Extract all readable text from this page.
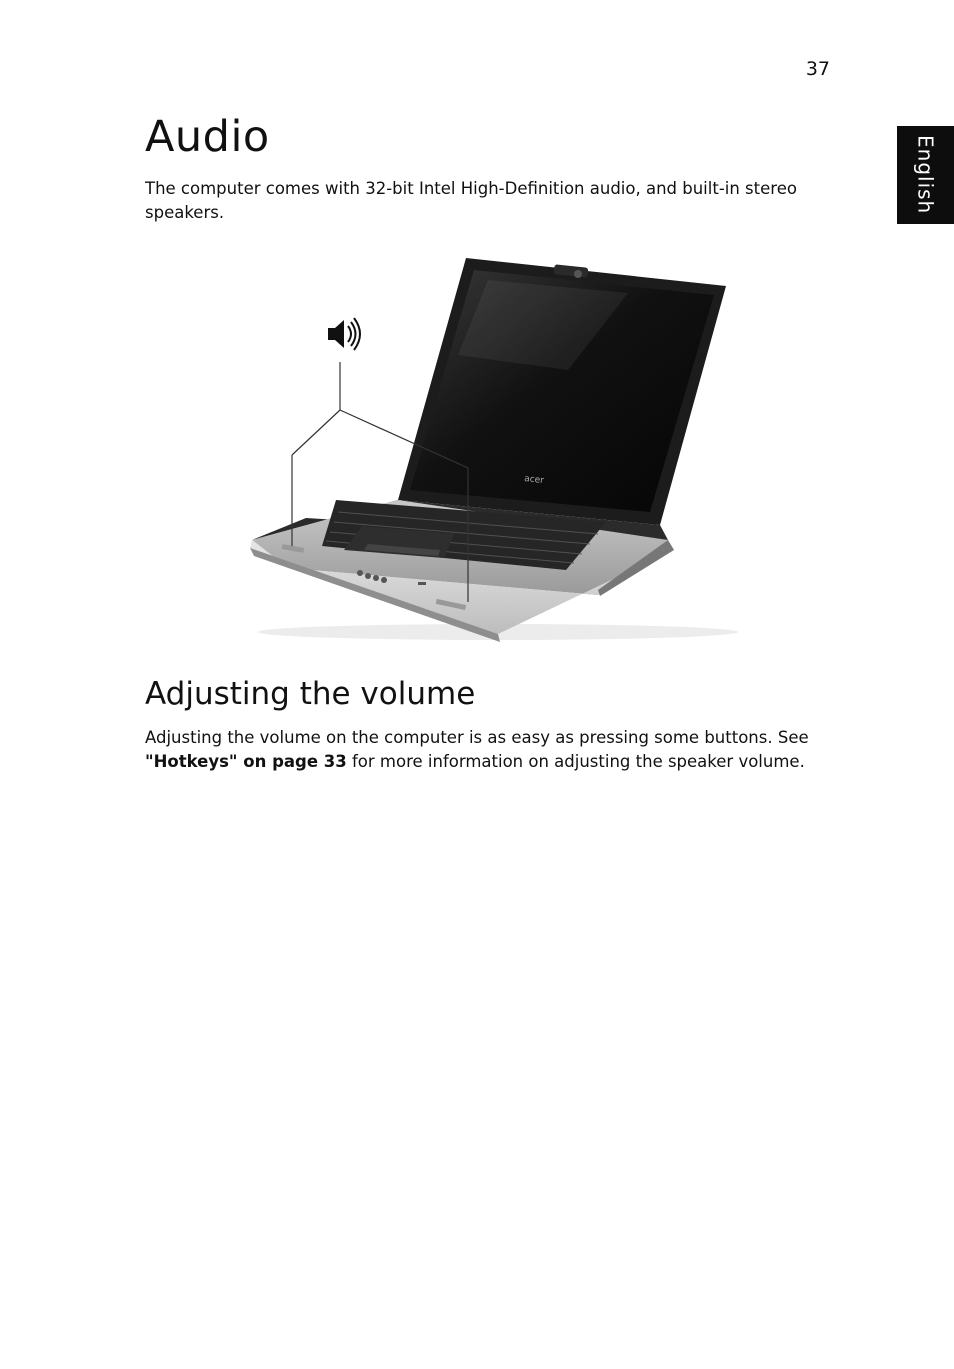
37
English
Audio

The computer comes with 32-bit Intel High-Definition audio, and built-in stereo speakers.

acer
Adjusting the volume

Adjusting the volume on the computer is as easy as pressing some buttons. See "Hotkeys" on page 33 for more information on adjusting the speaker volume.
